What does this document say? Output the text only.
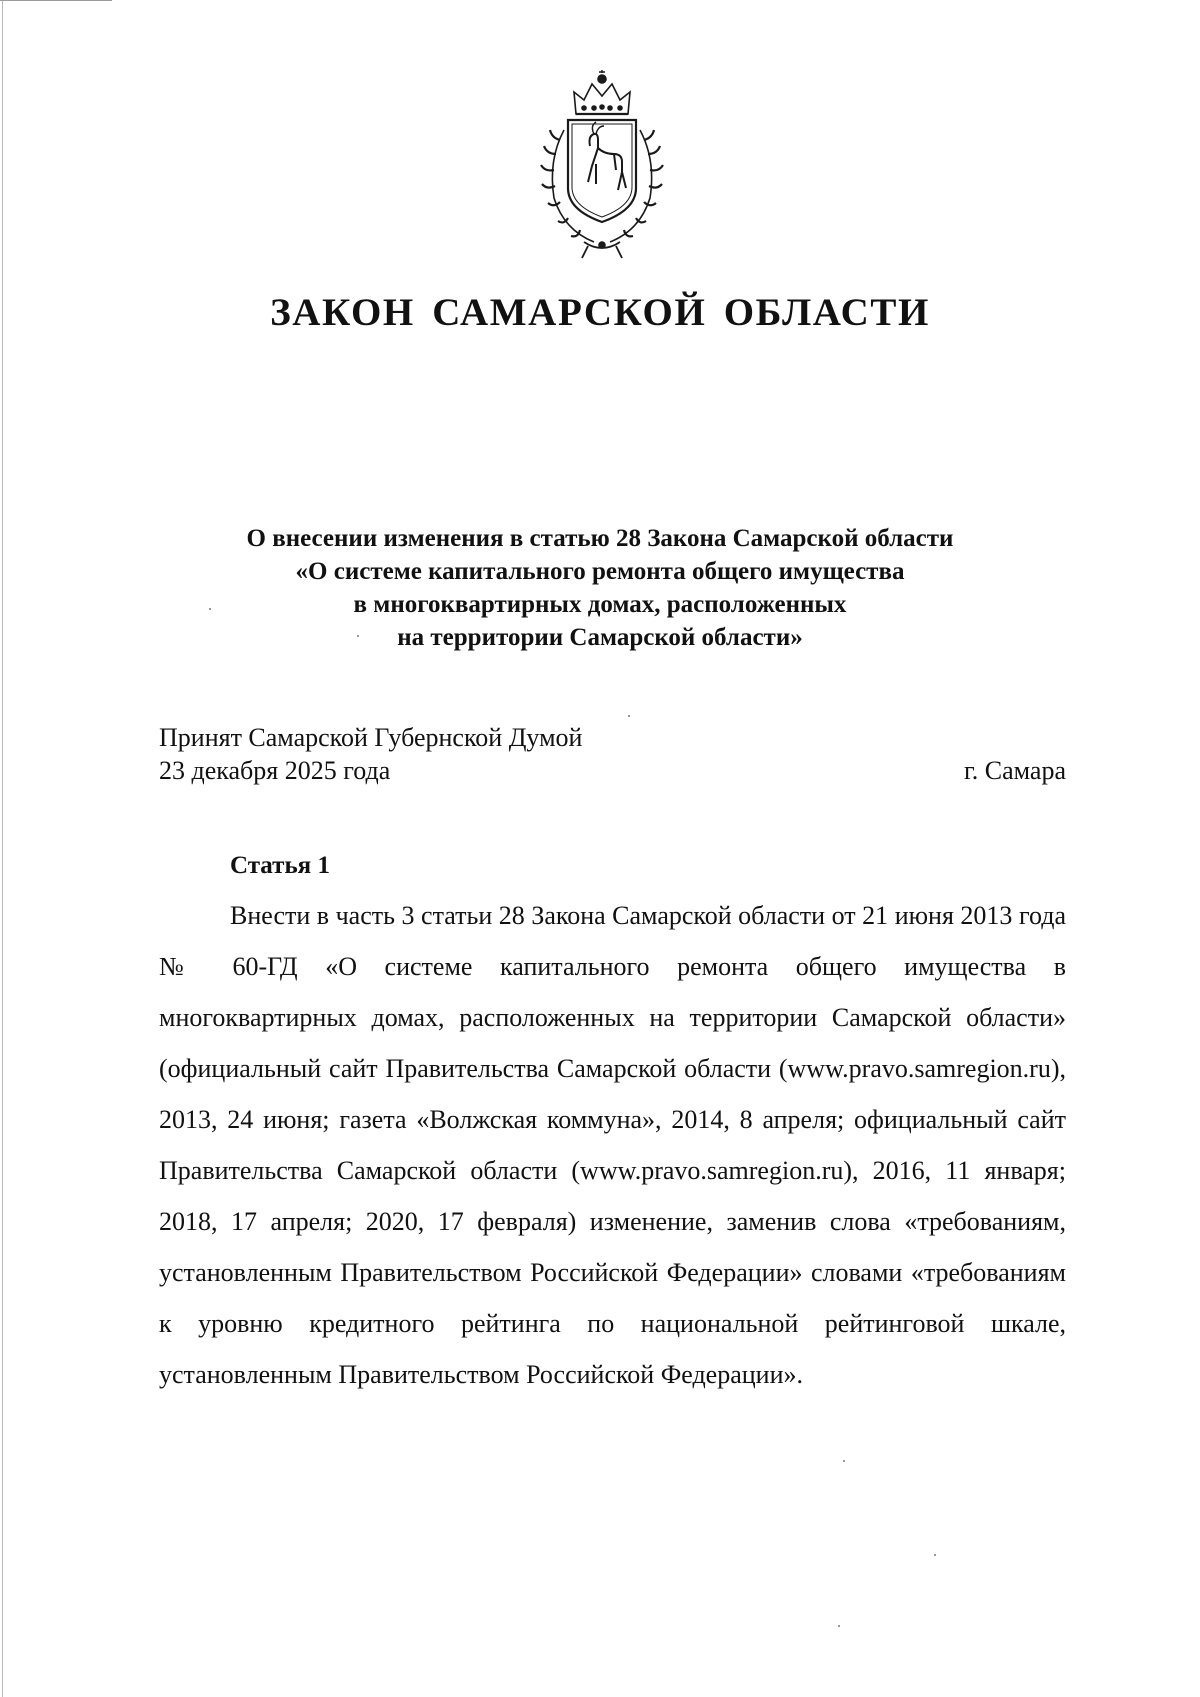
ЗАКОН САМАРСКОЙ ОБЛАСТИ
О внесении изменения в статью 28 Закона Самарской области
«О системе капитального ремонта общего имущества
в многоквартирных домах, расположенных
на территории Самарской области»
Принят Самарской Губернской Думой
23 декабря 2025 года	г. Самара
Статья 1

Внести в часть 3 статьи 28 Закона Самарской области от 21 июня 2013 года № 60-ГД «О системе капитального ремонта общего имущества в многоквартирных домах, расположенных на территории Самарской области» (официальный сайт Правительства Самарской области (www.pravo.samregion.ru), 2013, 24 июня; газета «Волжская коммуна», 2014, 8 апреля; официальный сайт Правительства Самарской области (www.pravo.samregion.ru), 2016, 11 января; 2018, 17 апреля; 2020, 17 февраля) изменение, заменив слова «требованиям, установленным Правительством Российской Федерации» словами «требованиям к уровню кредитного рейтинга по национальной рейтинговой шкале, установленным Правительством Российской Федерации».
